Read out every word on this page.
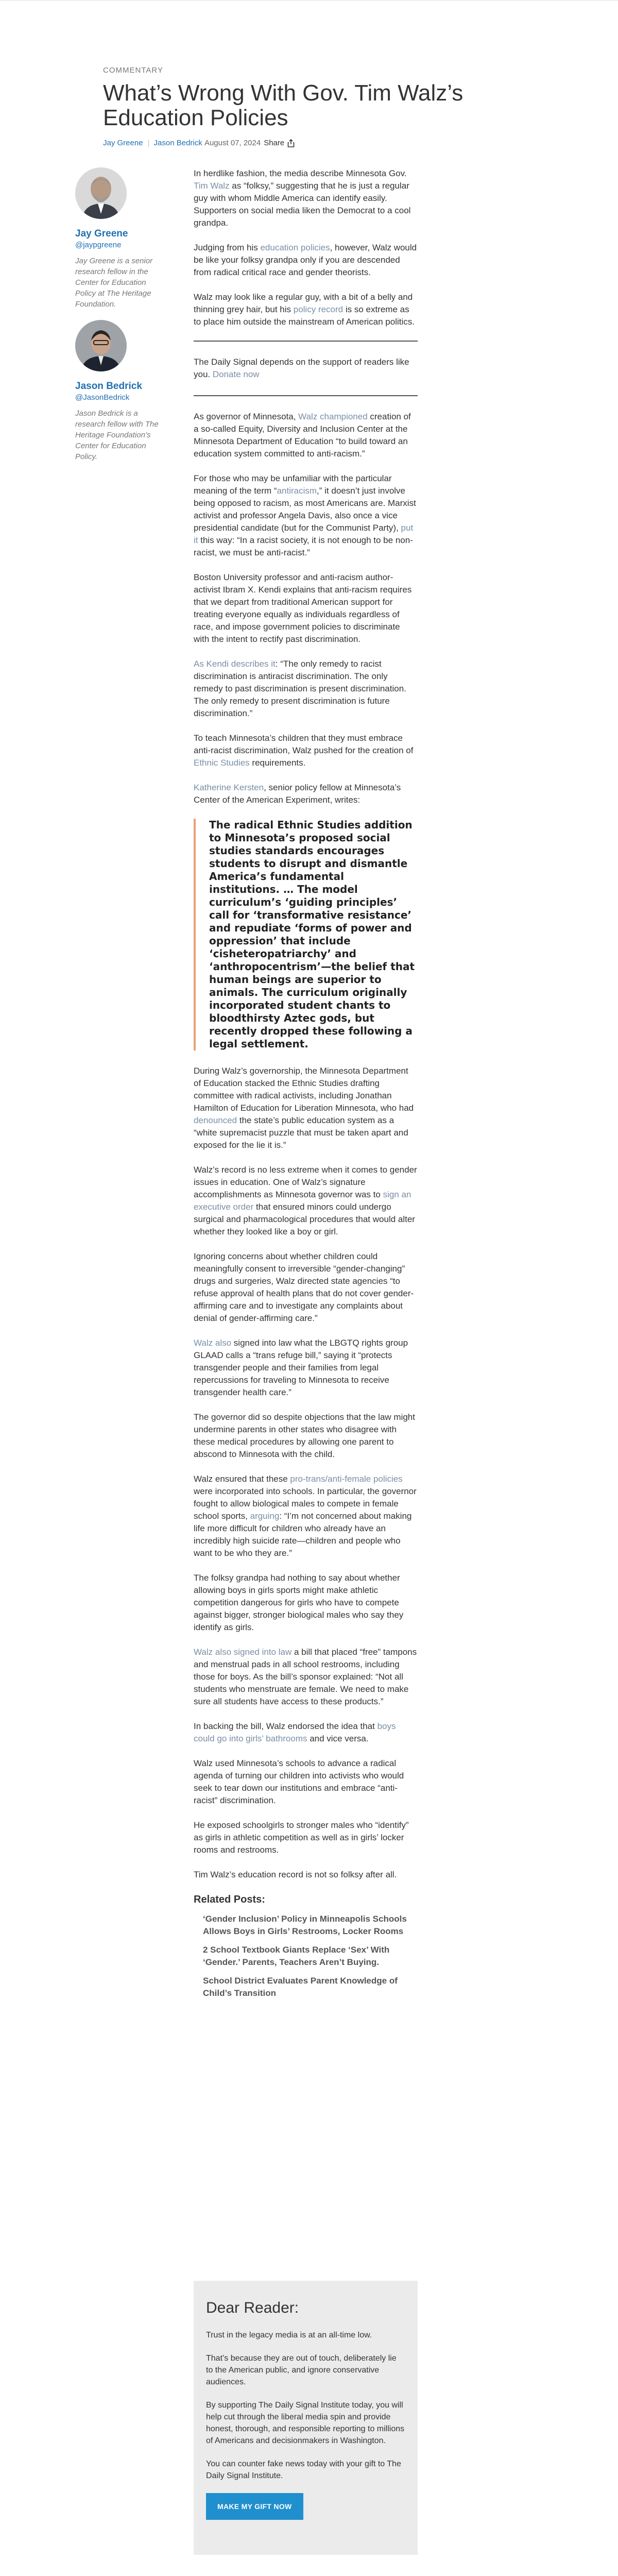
COMMENTARY
What’s Wrong With Gov. Tim Walz’s Education Policies
Jay Greene Jason Bedrick August 07, 2024 Share
Jay Greene
@jaypgreene
Jay Greene is a senior research fellow in the Center for Education Policy at The Heritage Foundation.
Jason Bedrick
@JasonBedrick
Jason Bedrick is a research fellow with The Heritage Foundation’s Center for Education Policy.

In herdlike fashion, the media describe Minnesota Gov. Tim Walz as “folksy,” suggesting that he is just a regular guy with whom Middle America can identify easily. Supporters on social media liken the Democrat to a cool grandpa.

Judging from his education policies, however, Walz would be like your folksy grandpa only if you are descended from radical critical race and gender theorists.

Walz may look like a regular guy, with a bit of a belly and thinning grey hair, but his policy record is so extreme as to place him outside the mainstream of American politics.

The Daily Signal depends on the support of readers like you. Donate now

As governor of Minnesota, Walz championed creation of a so-called Equity, Diversity and Inclusion Center at the Minnesota Department of Education “to build toward an education system committed to anti-racism.”

For those who may be unfamiliar with the particular meaning of the term “antiracism,” it doesn’t just involve being opposed to racism, as most Americans are. Marxist activist and professor Angela Davis, also once a vice presidential candidate (but for the Communist Party), put it this way: “In a racist society, it is not enough to be non-racist, we must be anti-racist.”

Boston University professor and anti-racism author-activist Ibram X. Kendi explains that anti-racism requires that we depart from traditional American support for treating everyone equally as individuals regardless of race, and impose government policies to discriminate with the intent to rectify past discrimination.

As Kendi describes it: “The only remedy to racist discrimination is antiracist discrimination. The only remedy to past discrimination is present discrimination. The only remedy to present discrimination is future discrimination.”

To teach Minnesota’s children that they must embrace anti-racist discrimination, Walz pushed for the creation of Ethnic Studies requirements.

Katherine Kersten, senior policy fellow at Minnesota’s Center of the American Experiment, writes:

The radical Ethnic Studies addition to Minnesota’s proposed social studies standards encourages students to disrupt and dismantle America’s fundamental institutions. … The model curriculum’s ‘guiding principles’ call for ‘transformative resistance’ and repudiate ‘forms of power and oppression’ that include ‘cisheteropatriarchy’ and ‘anthropocentrism’—the belief that human beings are superior to animals. The curriculum originally incorporated student chants to bloodthirsty Aztec gods, but recently dropped these following a legal settlement.

During Walz’s governorship, the Minnesota Department of Education stacked the Ethnic Studies drafting committee with radical activists, including Jonathan Hamilton of Education for Liberation Minnesota, who had denounced the state’s public education system as a “white supremacist puzzle that must be taken apart and exposed for the lie it is.”

Walz’s record is no less extreme when it comes to gender issues in education. One of Walz’s signature accomplishments as Minnesota governor was to sign an executive order that ensured minors could undergo surgical and pharmacological procedures that would alter whether they looked like a boy or girl.

Ignoring concerns about whether children could meaningfully consent to irreversible “gender-changing” drugs and surgeries, Walz directed state agencies “to refuse approval of health plans that do not cover gender-affirming care and to investigate any complaints about denial of gender-affirming care.”

Walz also signed into law what the LBGTQ rights group GLAAD calls a “trans refuge bill,” saying it “protects transgender people and their families from legal repercussions for traveling to Minnesota to receive transgender health care.”

The governor did so despite objections that the law might undermine parents in other states who disagree with these medical procedures by allowing one parent to abscond to Minnesota with the child.

Walz ensured that these pro-trans/anti-female policies were incorporated into schools. In particular, the governor fought to allow biological males to compete in female school sports, arguing: “I’m not concerned about making life more difficult for children who already have an incredibly high suicide rate—children and people who want to be who they are.”

The folksy grandpa had nothing to say about whether allowing boys in girls sports might make athletic competition dangerous for girls who have to compete against bigger, stronger biological males who say they identify as girls.

Walz also signed into law a bill that placed “free” tampons and menstrual pads in all school restrooms, including those for boys. As the bill’s sponsor explained: “Not all students who menstruate are female. We need to make sure all students have access to these products.”

In backing the bill, Walz endorsed the idea that boys could go into girls’ bathrooms and vice versa.

Walz used Minnesota’s schools to advance a radical agenda of turning our children into activists who would seek to tear down our institutions and embrace “anti-racist” discrimination.

He exposed schoolgirls to stronger males who “identify” as girls in athletic competition as well as in girls’ locker rooms and restrooms.

Tim Walz’s education record is not so folksy after all.

Related Posts:
‘Gender Inclusion’ Policy in Minneapolis Schools Allows Boys in Girls’ Restrooms, Locker Rooms
2 School Textbook Giants Replace ‘Sex’ With ‘Gender.’ Parents, Teachers Aren’t Buying.
School District Evaluates Parent Knowledge of Child’s Transition
Dear Reader:

Trust in the legacy media is at an all-time low.

That’s because they are out of touch, deliberately lie to the American public, and ignore conservative audiences.

By supporting The Daily Signal Institute today, you will help cut through the liberal media spin and provide honest, thorough, and responsible reporting to millions of Americans and decisionmakers in Washington.

You can counter fake news today with your gift to The Daily Signal Institute.

MAKE MY GIFT NOW
